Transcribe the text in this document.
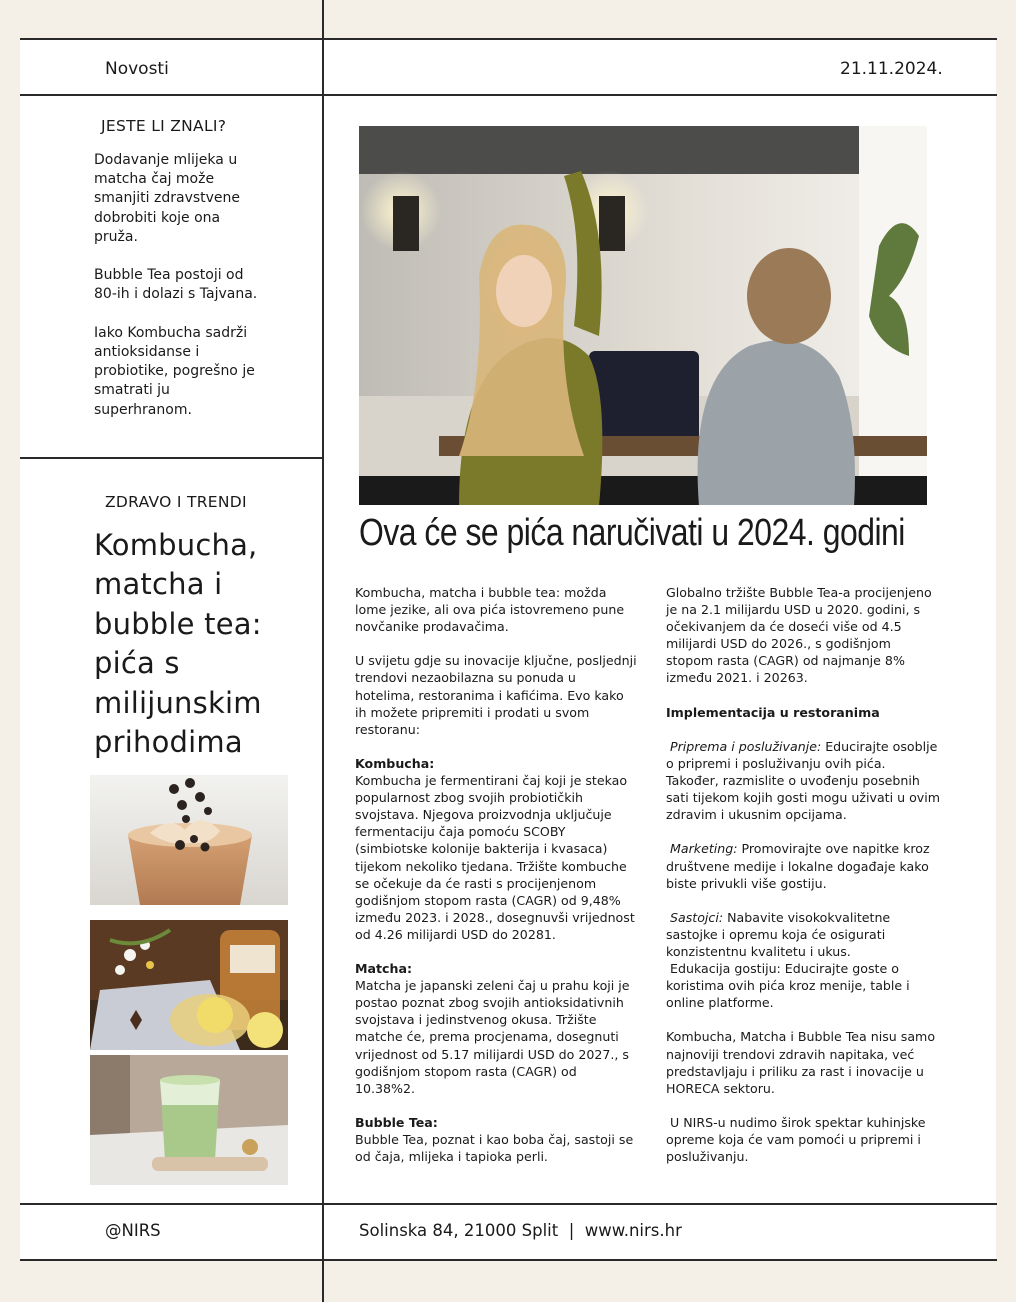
Novosti	21.11.2024.

JESTE LI ZNALI?

Dodavanje mlijeka u matcha čaj može smanjiti zdravstvene dobrobiti koje ona pruža.

Bubble Tea postoji od 80-ih i dolazi s Tajvana.

Iako Kombucha sadrži antioksidanse i probiotike, pogrešno je smatrati ju superhranom.

ZDRAVO I TRENDI

Kombucha, matcha i bubble tea: pića s milijunskim prihodima

Ova će se pića naručivati u 2024. godini

Kombucha, matcha i bubble tea: možda lome jezike, ali ova pića istovremeno pune novčanike prodavačima.

U svijetu gdje su inovacije ključne, posljednji trendovi nezaobilazna su ponuda u hotelima, restoranima i kafićima. Evo kako ih možete pripremiti i prodati u svom restoranu:

Kombucha:
Kombucha je fermentirani čaj koji je stekao popularnost zbog svojih probiotičkih svojstava. Njegova proizvodnja uključuje fermentaciju čaja pomoću SCOBY (simbiotske kolonije bakterija i kvasaca) tijekom nekoliko tjedana. Tržište kombuche se očekuje da će rasti s procijenjenom godišnjom stopom rasta (CAGR) od 9,48% između 2023. i 2028., dosegnuvši vrijednost od 4.26 milijardi USD do 20281.

Matcha:
Matcha je japanski zeleni čaj u prahu koji je postao poznat zbog svojih antioksidativnih svojstava i jedinstvenog okusa. Tržište matche će, prema procjenama, dosegnuti vrijednost od 5.17 milijardi USD do 2027., s godišnjom stopom rasta (CAGR) od 10.38%2.

Bubble Tea:
Bubble Tea, poznat i kao boba čaj, sastoji se od čaja, mlijeka i tapioka perli.

Globalno tržište Bubble Tea-a procijenjeno je na 2.1 milijardu USD u 2020. godini, s očekivanjem da će doseći više od 4.5 milijardi USD do 2026., s godišnjom stopom rasta (CAGR) od najmanje 8% između 2021. i 20263.

Implementacija u restoranima

Priprema i posluživanje: Educirajte osoblje o pripremi i posluživanju ovih pića. Također, razmislite o uvođenju posebnih sati tijekom kojih gosti mogu uživati u ovim zdravim i ukusnim opcijama.

Marketing: Promovirajte ove napitke kroz društvene medije i lokalne događaje kako biste privukli više gostiju.

Sastojci: Nabavite visokokvalitetne sastojke i opremu koja će osigurati konzistentnu kvalitetu i ukus.
Edukacija gostiju: Educirajte goste o koristima ovih pića kroz menije, table i online platforme.

Kombucha, Matcha i Bubble Tea nisu samo najnoviji trendovi zdravih napitaka, već predstavljaju i priliku za rast i inovacije u HORECA sektoru.

U NIRS-u nudimo širok spektar kuhinjske opreme koja će vam pomoći u pripremi i posluživanju.

@NIRS	Solinska 84, 21000 Split  |  www.nirs.hr
